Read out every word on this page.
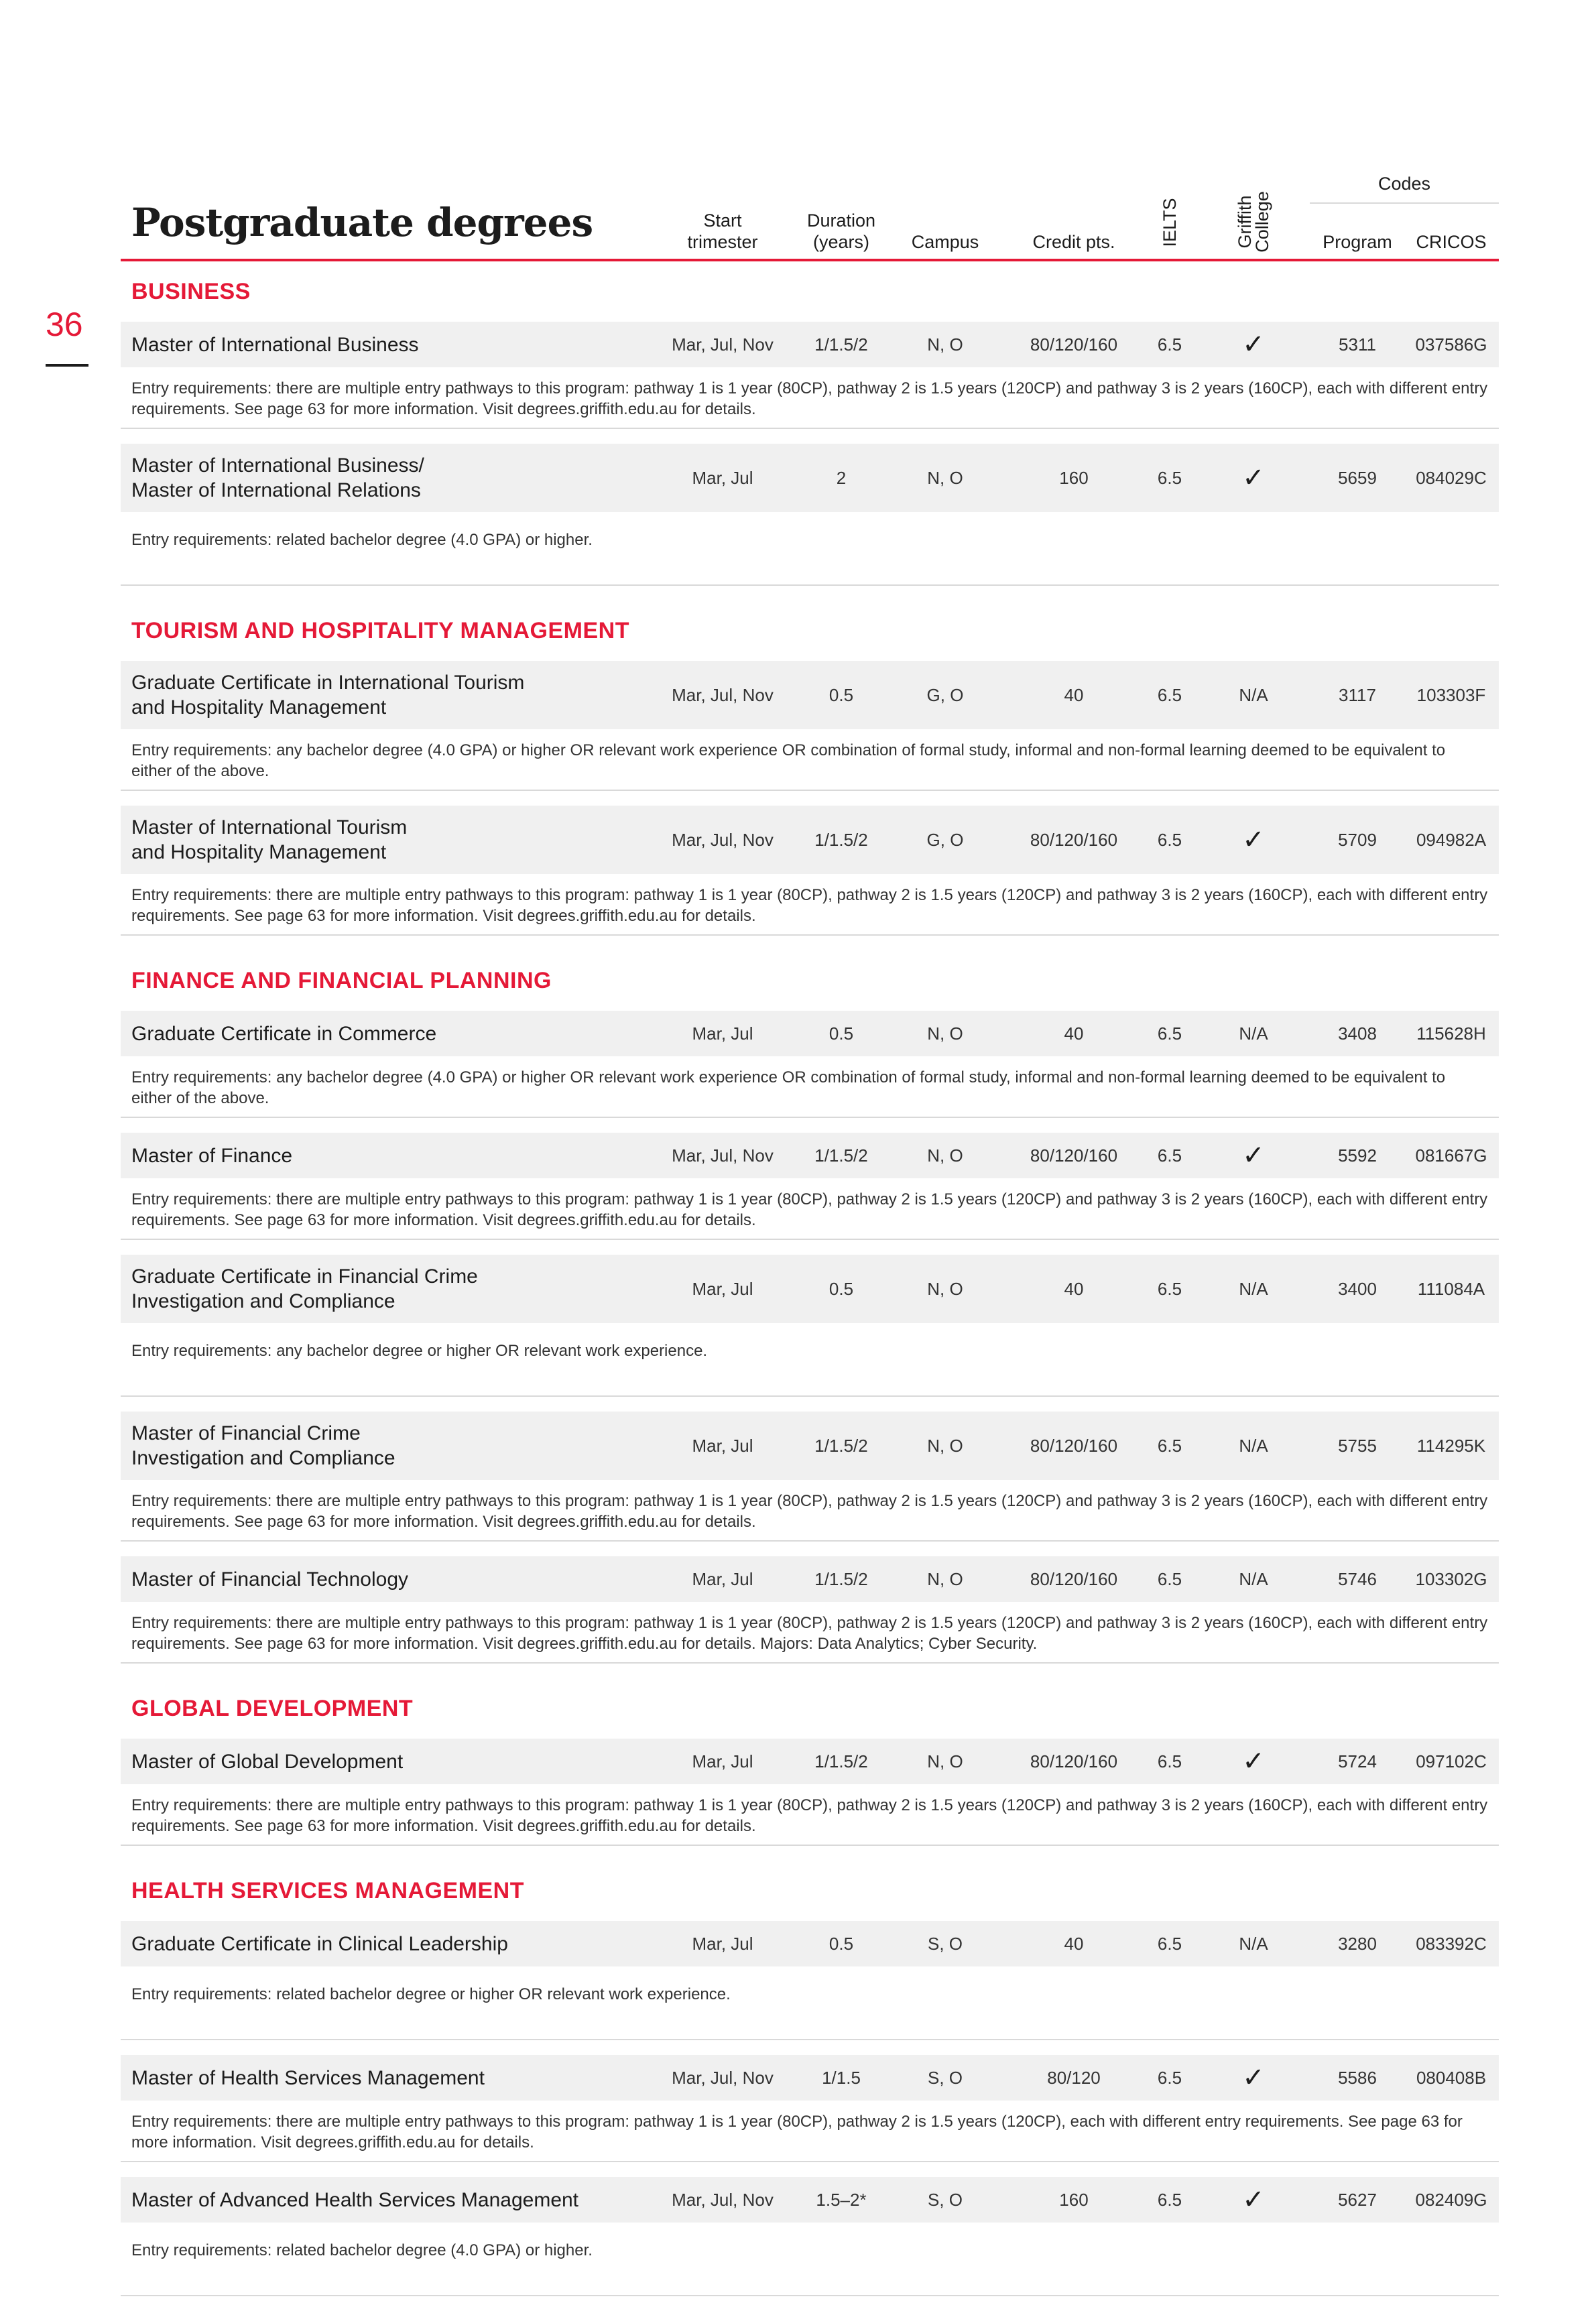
36
Postgraduate degrees	Start
trimester
Duration
(years)	Campus	Credit pts.	IELTS	Griffith
College
Codes
Program	CRICOS
BUSINESS
Master of International Business	Mar, Jul, Nov	1/1.5/2	N, O	80/120/160	6.5	✓	5311	037586G
Entry requirements: there are multiple entry pathways to this program: pathway 1 is 1 year (80CP), pathway 2 is 1.5 years (120CP) and pathway 3 is 2 years (160CP), each with different entry requirements. See page 63 for more information. Visit degrees.griffith.edu.au for details.
Master of International Business/
Master of International Relations
Mar, Jul	2	N, O	160	6.5	✓	5659	084029C
Entry requirements: related bachelor degree (4.0 GPA) or higher.
TOURISM AND HOSPITALITY MANAGEMENT
Graduate Certificate in International Tourism
and Hospitality Management
Mar, Jul, Nov	0.5	G, O	40	6.5	N/A	3117	103303F
Entry requirements: any bachelor degree (4.0 GPA) or higher OR relevant work experience OR combination of formal study, informal and non-formal learning deemed to be equivalent to either of the above.
Master of International Tourism
and Hospitality Management
Mar, Jul, Nov	1/1.5/2	G, O	80/120/160	6.5	✓	5709	094982A
Entry requirements: there are multiple entry pathways to this program: pathway 1 is 1 year (80CP), pathway 2 is 1.5 years (120CP) and pathway 3 is 2 years (160CP), each with different entry requirements. See page 63 for more information. Visit degrees.griffith.edu.au for details.
FINANCE AND FINANCIAL PLANNING
Graduate Certificate in Commerce	Mar, Jul	0.5	N, O	40	6.5	N/A	3408	115628H
Entry requirements: any bachelor degree (4.0 GPA) or higher OR relevant work experience OR combination of formal study, informal and non-formal learning deemed to be equivalent to either of the above.
Master of Finance	Mar, Jul, Nov	1/1.5/2	N, O	80/120/160	6.5	✓	5592	081667G
Entry requirements: there are multiple entry pathways to this program: pathway 1 is 1 year (80CP), pathway 2 is 1.5 years (120CP) and pathway 3 is 2 years (160CP), each with different entry requirements. See page 63 for more information. Visit degrees.griffith.edu.au for details.
Graduate Certificate in Financial Crime
Investigation and Compliance
Mar, Jul	0.5	N, O	40	6.5	N/A	3400	111084A
Entry requirements: any bachelor degree or higher OR relevant work experience.
Master of Financial Crime
Investigation and Compliance
Mar, Jul	1/1.5/2	N, O	80/120/160	6.5	N/A	5755	114295K
Entry requirements: there are multiple entry pathways to this program: pathway 1 is 1 year (80CP), pathway 2 is 1.5 years (120CP) and pathway 3 is 2 years (160CP), each with different entry requirements. See page 63 for more information. Visit degrees.griffith.edu.au for details.
Master of Financial Technology	Mar, Jul	1/1.5/2	N, O	80/120/160	6.5	N/A	5746	103302G
Entry requirements: there are multiple entry pathways to this program: pathway 1 is 1 year (80CP), pathway 2 is 1.5 years (120CP) and pathway 3 is 2 years (160CP), each with different entry requirements. See page 63 for more information. Visit degrees.griffith.edu.au for details. Majors: Data Analytics; Cyber Security.
GLOBAL DEVELOPMENT
Master of Global Development	Mar, Jul	1/1.5/2	N, O	80/120/160	6.5	✓	5724	097102C
Entry requirements: there are multiple entry pathways to this program: pathway 1 is 1 year (80CP), pathway 2 is 1.5 years (120CP) and pathway 3 is 2 years (160CP), each with different entry requirements. See page 63 for more information. Visit degrees.griffith.edu.au for details.
HEALTH SERVICES MANAGEMENT
Graduate Certificate in Clinical Leadership	Mar, Jul	0.5	S, O	40	6.5	N/A	3280	083392C
Entry requirements: related bachelor degree or higher OR relevant work experience.
Master of Health Services Management	Mar, Jul, Nov	1/1.5	S, O	80/120	6.5	✓	5586	080408B
Entry requirements: there are multiple entry pathways to this program: pathway 1 is 1 year (80CP), pathway 2 is 1.5 years (120CP), each with different entry requirements. See page 63 for more information. Visit degrees.griffith.edu.au for details.
Master of Advanced Health Services Management	Mar, Jul, Nov	1.5–2*	S, O	160	6.5	✓	5627	082409G
Entry requirements: related bachelor degree (4.0 GPA) or higher.
